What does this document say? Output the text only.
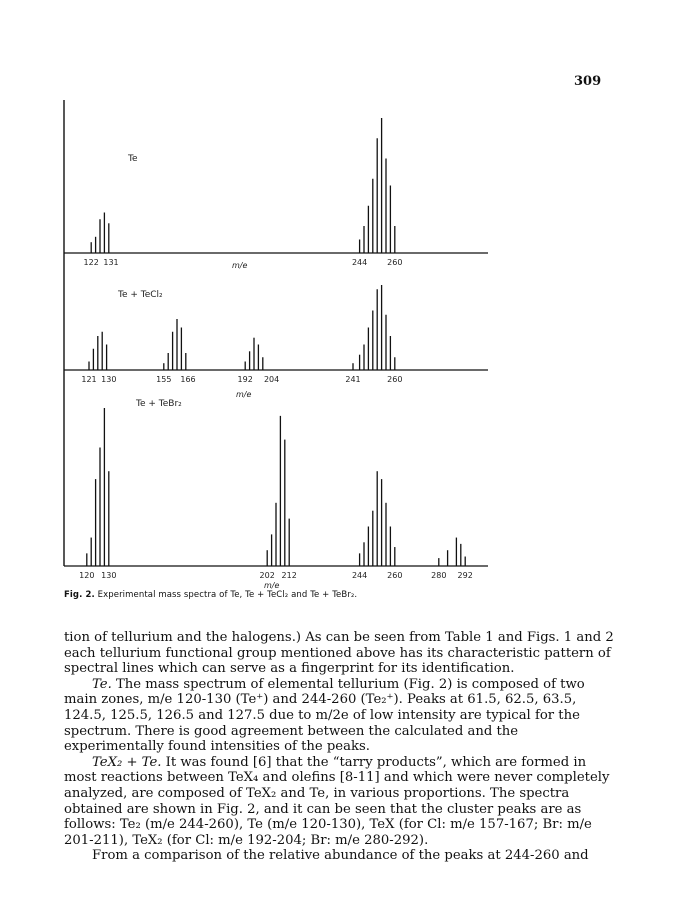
309
Te
122 131	244 260
m/e
Te + TeCl₂
121 130	155 166	192 204	241	260
m/e
Te + TeBr₂
120 130	202 212	244 260	280 292
m/e
Fig. 2. Experimental mass spectra of Te, Te + TeCl₂ and Te + TeBr₂.

tion of tellurium and the halogens.) As can be seen from Table 1 and Figs. 1 and 2 each tellurium functional group mentioned above has its characteristic pattern of spectral lines which can serve as a fingerprint for its identification.

Te. The mass spectrum of elemental tellurium (Fig. 2) is composed of two main zones, m/e 120-130 (Te⁺) and 244-260 (Te₂⁺). Peaks at 61.5, 62.5, 63.5, 124.5, 125.5, 126.5 and 127.5 due to m/2e of low intensity are typical for the spectrum. There is good agreement between the calculated and the experimentally found intensities of the peaks.

TeX₂ + Te. It was found [6] that the “tarry products”, which are formed in most reactions between TeX₄ and olefins [8-11] and which were never completely analyzed, are composed of TeX₂ and Te, in various proportions. The spectra obtained are shown in Fig. 2, and it can be seen that the cluster peaks are as follows: Te₂ (m/e 244-260), Te (m/e 120-130), TeX (for Cl: m/e 157-167; Br: m/e 201-211), TeX₂ (for Cl: m/e 192-204; Br: m/e 280-292).

From a comparison of the relative abundance of the peaks at 244-260 and
